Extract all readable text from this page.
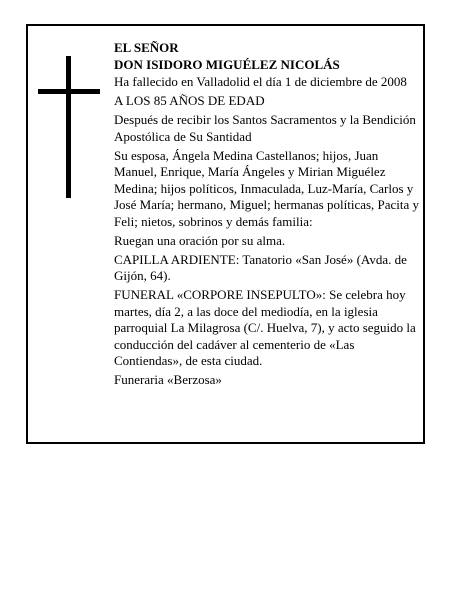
EL SEÑOR

DON ISIDORO MIGUÉLEZ NICOLÁS

Ha fallecido en Valladolid el día 1 de diciembre de 2008

A LOS 85 AÑOS DE EDAD

Después de recibir los Santos Sacramentos y la Bendición Apostólica de Su Santidad

Su esposa, Ángela Medina Castellanos; hijos, Juan Manuel, Enrique, María Ángeles y Mirian Miguélez Medina; hijos políticos, Inmaculada, Luz-María, Carlos y José María; hermano, Miguel; hermanas políticas, Pacita y Feli; nietos, sobrinos y demás familia:

Ruegan una oración por su alma.

CAPILLA ARDIENTE: Tanatorio «San José» (Avda. de Gijón, 64).

FUNERAL «CORPORE INSEPULTO»: Se celebra hoy martes, día 2, a las doce del mediodía, en la iglesia parroquial La Milagrosa (C/. Huelva, 7), y acto seguido la conducción del cadáver al cementerio de «Las Contiendas», de esta ciudad.

Funeraria «Berzosa»
